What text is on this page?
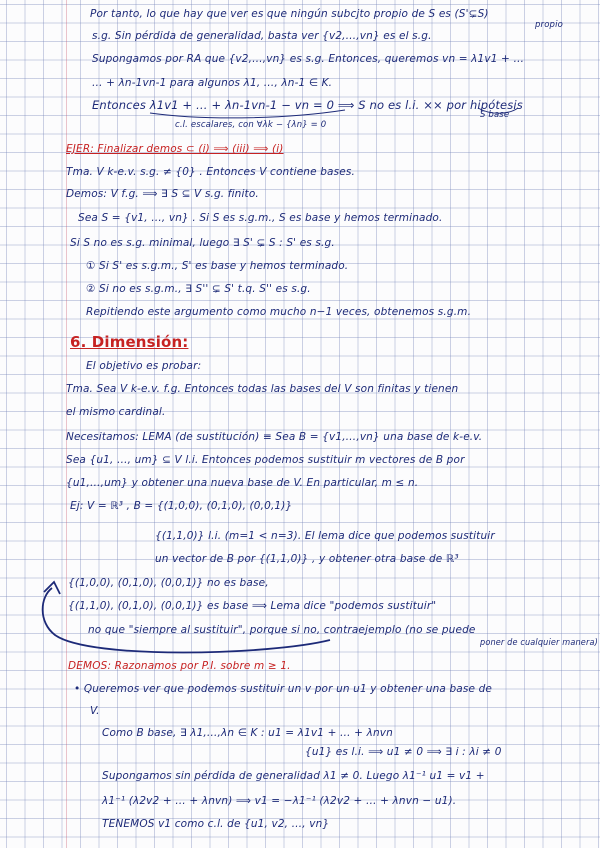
Por tanto, lo que hay que ver es que ningún subcjto propio de S es (S'⊊S)
propio
s.g. Sin pérdida de generalidad, basta ver {v2,…,vn} es el s.g.
Supongamos por RA que {v2,…,vn} es s.g. Entonces, queremos vn = λ1v1 + …
… + λn-1vn-1 para algunos λ1, …, λn-1 ∈ K.
Entonces λ1v1 + … + λn-1vn-1 − vn = 0 ⟹ S no es l.i. ⨯⨯ por hipótesis
S base
c.l. escalares, con ∀λk − {λn} = 0
EJER: Finalizar demos ⊂ (i) ⟹ (iii) ⟹ (i)
Tma. V k-e.v. s.g. ≠ {0} . Entonces V contiene bases.
Demos: V f.g. ⟹ ∃ S ⊆ V s.g. finito.
Sea S = {v1, …, vn} . Si S es s.g.m., S es base y hemos terminado.
Si S no es s.g. minimal, luego ∃ S' ⊊ S : S' es s.g.
① Si S' es s.g.m., S' es base y hemos terminado.
② Si no es s.g.m., ∃ S'' ⊊ S' t.q. S'' es s.g.
Repitiendo este argumento como mucho n−1 veces, obtenemos s.g.m.
6. Dimensión:
El objetivo es probar:
Tma. Sea V k-e.v. f.g. Entonces todas las bases del V son finitas y tienen
el mismo cardinal.
Necesitamos: LEMA (de sustitución) ≡ Sea B = {v1,…,vn} una base de k-e.v.
Sea {u1, …, um} ⊆ V l.i. Entonces podemos sustituir m vectores de B por
{u1,…,um} y obtener una nueva base de V. En particular, m ≤ n.
Ej: V = ℝ³ , B = {(1,0,0), (0,1,0), (0,0,1)}
{(1,1,0)} l.i. (m=1 < n=3). El lema dice que podemos sustituir
un vector de B por {(1,1,0)} , y obtener otra base de ℝ³
{(1,0,0), (0,1,0), (0,0,1)} no es base,
{(1,1,0), (0,1,0), (0,0,1)} es base ⟹ Lema dice "podemos sustituir"
no que "siempre al sustituir", porque si no, contraejemplo (no se puede
poner de cualquier manera)
DEMOS: Razonamos por P.I. sobre m ≥ 1.
• Queremos ver que podemos sustituir un v por un u1 y obtener una base de
V.
Como B base, ∃ λ1,…,λn ∈ K : u1 = λ1v1 + … + λnvn
{u1} es l.i. ⟹ u1 ≠ 0 ⟹ ∃ i : λi ≠ 0
Supongamos sin pérdida de generalidad λ1 ≠ 0. Luego λ1⁻¹ u1 = v1 +
λ1⁻¹ (λ2v2 + … + λnvn) ⟹ v1 = −λ1⁻¹ (λ2v2 + … + λnvn − u1).
TENEMOS v1 como c.l. de {u1, v2, …, vn}
